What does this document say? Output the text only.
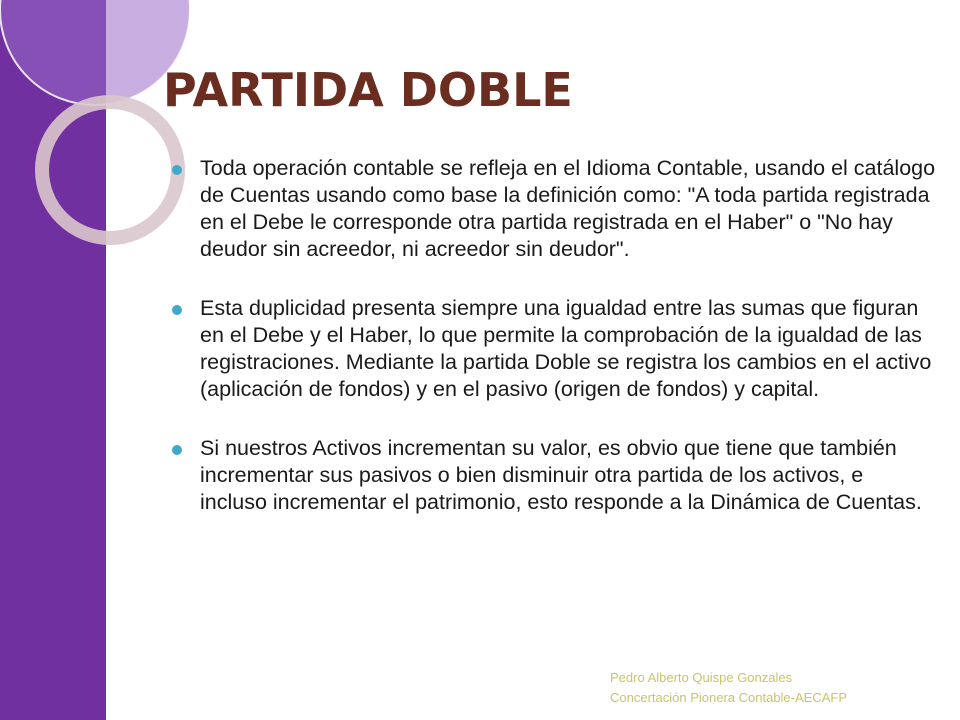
PARTIDA DOBLE
Toda operación contable se refleja en el Idioma Contable, usando el catálogo de Cuentas usando como base la definición como: "A toda partida registrada en el Debe le corresponde otra partida registrada en el Haber" o "No hay deudor sin acreedor, ni acreedor sin deudor".
Esta duplicidad presenta siempre una igualdad entre las sumas que figuran en el Debe y el Haber, lo que permite la comprobación de la igualdad de las registraciones. Mediante la partida Doble se registra los cambios en el activo (aplicación de fondos) y en el pasivo (origen de fondos) y capital.
Si nuestros Activos incrementan su valor, es obvio que tiene que también incrementar sus pasivos o bien disminuir otra partida de los activos, e incluso incrementar el patrimonio, esto responde a la Dinámica de Cuentas.
Pedro Alberto Quispe Gonzales
Concertación Pionera Contable-AECAFP
